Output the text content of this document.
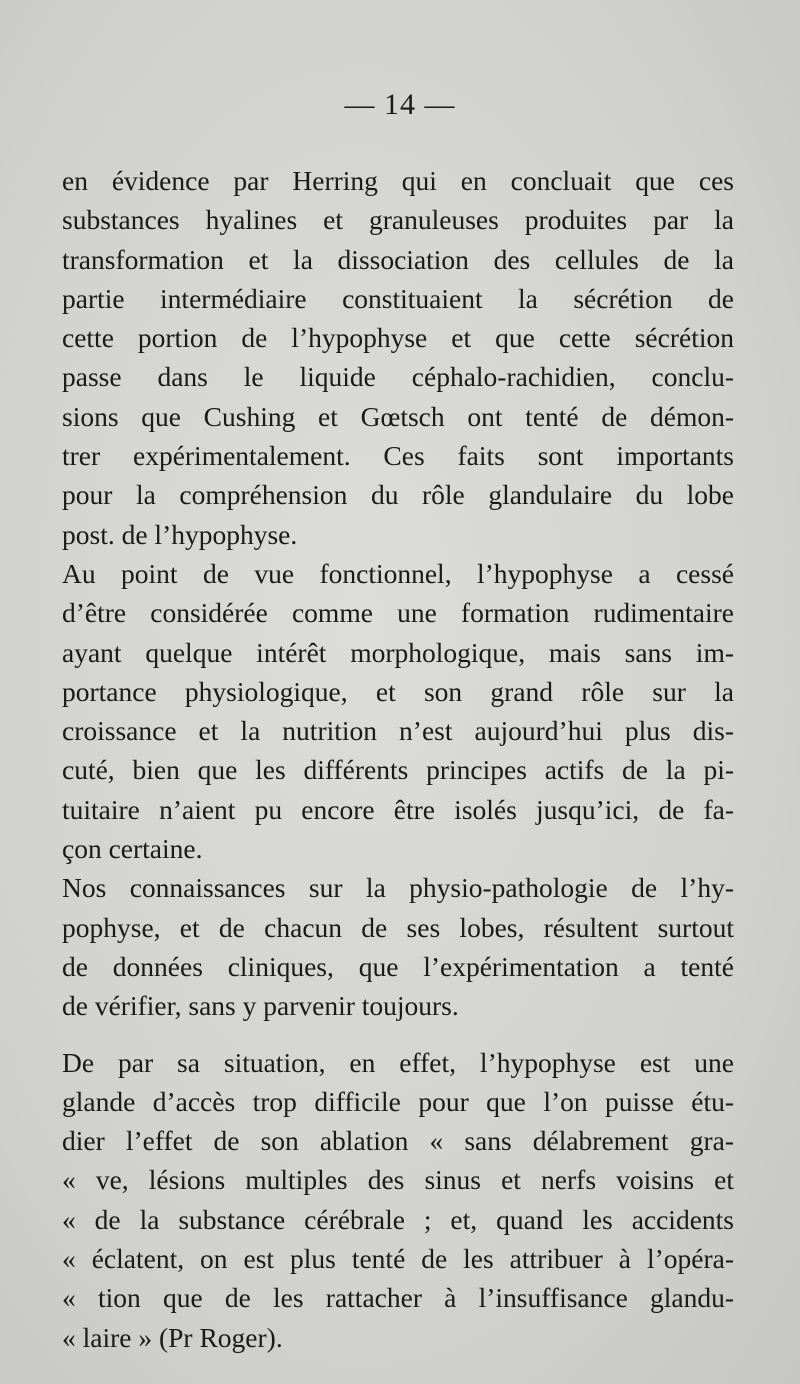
— 14 —
en évidence par Herring qui en concluait que ces
substances hyalines et granuleuses produites par la
transformation et la dissociation des cellules de la
partie intermédiaire constituaient la sécrétion de
cette portion de l’hypophyse et que cette sécrétion
passe dans le liquide céphalo-rachidien, conclu-
sions que Cushing et Gœtsch ont tenté de démon-
trer expérimentalement. Ces faits sont importants
pour la compréhension du rôle glandulaire du lobe
post. de l’hypophyse.
Au point de vue fonctionnel, l’hypophyse a cessé
d’être considérée comme une formation rudimentaire
ayant quelque intérêt morphologique, mais sans im-
portance physiologique, et son grand rôle sur la
croissance et la nutrition n’est aujourd’hui plus dis-
cuté, bien que les différents principes actifs de la pi-
tuitaire n’aient pu encore être isolés jusqu’ici, de fa-
çon certaine.
Nos connaissances sur la physio-pathologie de l’hy-
pophyse, et de chacun de ses lobes, résultent surtout
de données cliniques, que l’expérimentation a tenté
de vérifier, sans y parvenir toujours.
De par sa situation, en effet, l’hypophyse est une
glande d’accès trop difficile pour que l’on puisse étu-
dier l’effet de son ablation « sans délabrement gra-
« ve, lésions multiples des sinus et nerfs voisins et
« de la substance cérébrale ; et, quand les accidents
« éclatent, on est plus tenté de les attribuer à l’opéra-
« tion que de les rattacher à l’insuffisance glandu-
« laire » (Pr Roger).
